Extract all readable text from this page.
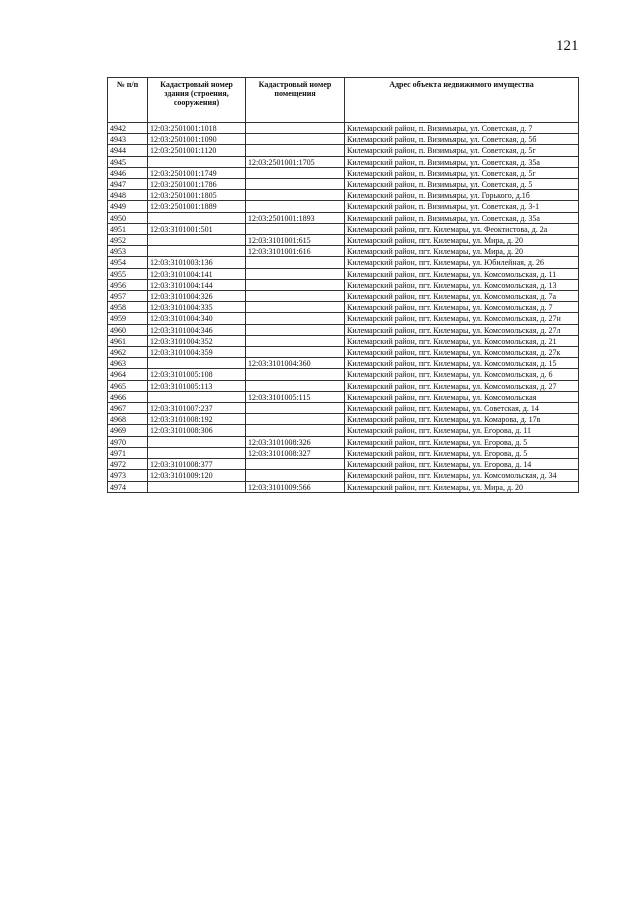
121
№ п/п	Кадастровый номер здания (строения, сооружения)	Кадастровый номер помещения	Адрес объекта недвижимого имущества
4942	12:03:2501001:1018		Килемарский район, п. Визимьяры, ул. Советская, д. 7
4943	12:03:2501001:1090		Килемарский район, п. Визимьяры, ул. Советская, д. 5б
4944	12:03:2501001:1120		Килемарский район, п. Визимьяры, ул. Советская, д. 5г
4945		12:03:2501001:1705	Килемарский район, п. Визимьяры, ул. Советская, д. 35а
4946	12:03:2501001:1749		Килемарский район, п. Визимьяры, ул. Советская, д. 5г
4947	12:03:2501001:1786		Килемарский район, п. Визимьяры, ул. Советская, д. 5
4948	12:03:2501001:1805		Килемарский район, п. Визимьяры, ул. Горького, д.1б
4949	12:03:2501001:1889		Килемарский район, п. Визимьяры, ул. Советская, д. 3-1
4950		12:03:2501001:1893	Килемарский район, п. Визимьяры, ул. Советская, д. 35а
4951	12:03:3101001:501		Килемарский район, пгт. Килемары, ул. Феоктистова, д. 2а
4952		12:03:3101001:615	Килемарский район, пгт. Килемары, ул. Мира, д. 20
4953		12:03:3101001:616	Килемарский район, пгт. Килемары, ул. Мира, д. 20
4954	12:03:3101003:136		Килемарский район, пгт. Килемары, ул. Юбилейная, д. 26
4955	12:03:3101004:141		Килемарский район, пгт. Килемары, ул. Комсомольская, д. 11
4956	12:03:3101004:144		Килемарский район, пгт. Килемары, ул. Комсомольская, д. 13
4957	12:03:3101004:326		Килемарский район, пгт. Килемары, ул. Комсомольская, д. 7а
4958	12:03:3101004:335		Килемарский район, пгт. Килемары, ул. Комсомольская, д. 7
4959	12:03:3101004:340		Килемарский район, пгт. Килемары, ул. Комсомольская, д. 27н
4960	12:03:3101004:346		Килемарский район, пгт. Килемары, ул. Комсомольская, д. 27л
4961	12:03:3101004:352		Килемарский район, пгт. Килемары, ул. Комсомольская, д. 21
4962	12:03:3101004:359		Килемарский район, пгт. Килемары, ул. Комсомольская, д. 27к
4963		12:03:3101004:360	Килемарский район, пгт. Килемары, ул. Комсомольская, д. 15
4964	12:03:3101005:108		Килемарский район, пгт. Килемары, ул. Комсомольская, д. 6
4965	12:03:3101005:113		Килемарский район, пгт. Килемары, ул. Комсомольская, д. 27
4966		12:03:3101005:115	Килемарский район, пгт. Килемары, ул. Комсомольская
4967	12:03:3101007:237		Килемарский район, пгт. Килемары, ул. Советская, д. 14
4968	12:03:3101008:192		Килемарский район, пгт. Килемары, ул. Комарова, д. 17в
4969	12:03:3101008:306		Килемарский район, пгт. Килемары, ул. Егорова, д. 11
4970		12:03:3101008:326	Килемарский район, пгт. Килемары, ул. Егорова, д. 5
4971		12:03:3101008:327	Килемарский район, пгт. Килемары, ул. Егорова, д. 5
4972	12:03:3101008:377		Килемарский район, пгт. Килемары, ул. Егорова, д. 14
4973	12:03:3101009:120		Килемарский район, пгт. Килемары, ул. Комсомольская, д. 34
4974		12:03:3101009:566	Килемарский район, пгт. Килемары, ул. Мира, д. 20
